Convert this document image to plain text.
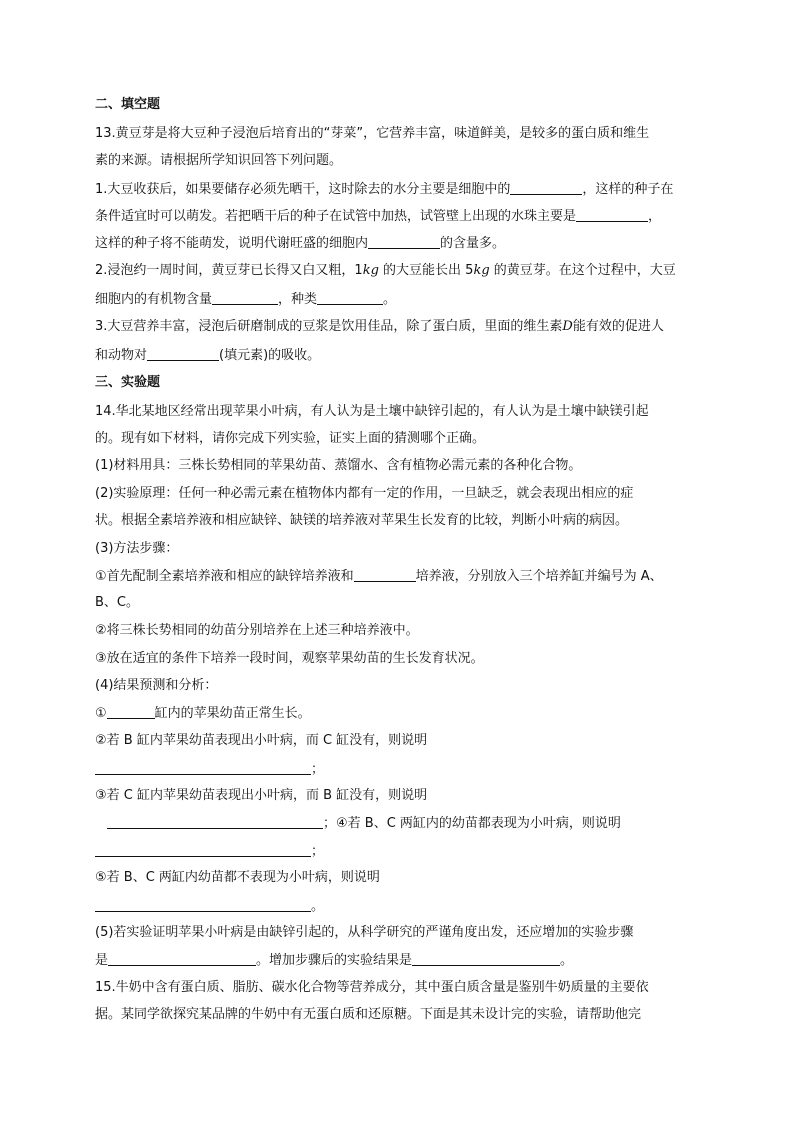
二、填空题
13.黄豆芽是将大豆种子浸泡后培育出的“芽菜”，它营养丰富，味道鲜美，是较多的蛋白质和维生
素的来源。请根据所学知识回答下列问题。
1.大豆收获后，如果要储存必须先晒干，这时除去的水分主要是细胞中的	，这样的种子在
条件适宜时可以萌发。若把晒干后的种子在试管中加热，试管壁上出现的水珠主要是	，
这样的种子将不能萌发，说明代谢旺盛的细胞内	的含量多。
2.浸泡约一周时间，黄豆芽已长得又白又粗，1kg 的大豆能长出 5kg 的黄豆芽。在这个过程中，大豆
细胞内的有机物含量	，种类	。
3.大豆营养丰富，浸泡后研磨制成的豆浆是饮用佳品，除了蛋白质，里面的维生素D能有效的促进人
和动物对	(填元素)的吸收。
三、实验题
14.华北某地区经常出现苹果小叶病，有人认为是土壤中缺锌引起的，有人认为是土壤中缺镁引起
的。现有如下材料，请你完成下列实验，证实上面的猜测哪个正确。
(1)材料用具：三株长势相同的苹果幼苗、蒸馏水、含有植物必需元素的各种化合物。
(2)实验原理：任何一种必需元素在植物体内都有一定的作用，一旦缺乏，就会表现出相应的症
状。根据全素培养液和相应缺锌、缺镁的培养液对苹果生长发育的比较，判断小叶病的病因。
(3)方法步骤：
①首先配制全素培养液和相应的缺锌培养液和	培养液，分别放入三个培养缸并编号为 A、
B、C。
②将三株长势相同的幼苗分别培养在上述三种培养液中。
③放在适宜的条件下培养一段时间，观察苹果幼苗的生长发育状况。
(4)结果预测和分析：
①	缸内的苹果幼苗正常生长。
②若 B 缸内苹果幼苗表现出小叶病，而 C 缸没有，则说明
；
③若 C 缸内苹果幼苗表现出小叶病，而 B 缸没有，则说明
；④若 B、C 两缸内的幼苗都表现为小叶病，则说明
；
⑤若 B、C 两缸内幼苗都不表现为小叶病，则说明
。
(5)若实验证明苹果小叶病是由缺锌引起的，从科学研究的严谨角度出发，还应增加的实验步骤
是	。增加步骤后的实验结果是	。
15.牛奶中含有蛋白质、脂肪、碳水化合物等营养成分，其中蛋白质含量是鉴别牛奶质量的主要依
据。某同学欲探究某品牌的牛奶中有无蛋白质和还原糖。下面是其未设计完的实验，请帮助他完
